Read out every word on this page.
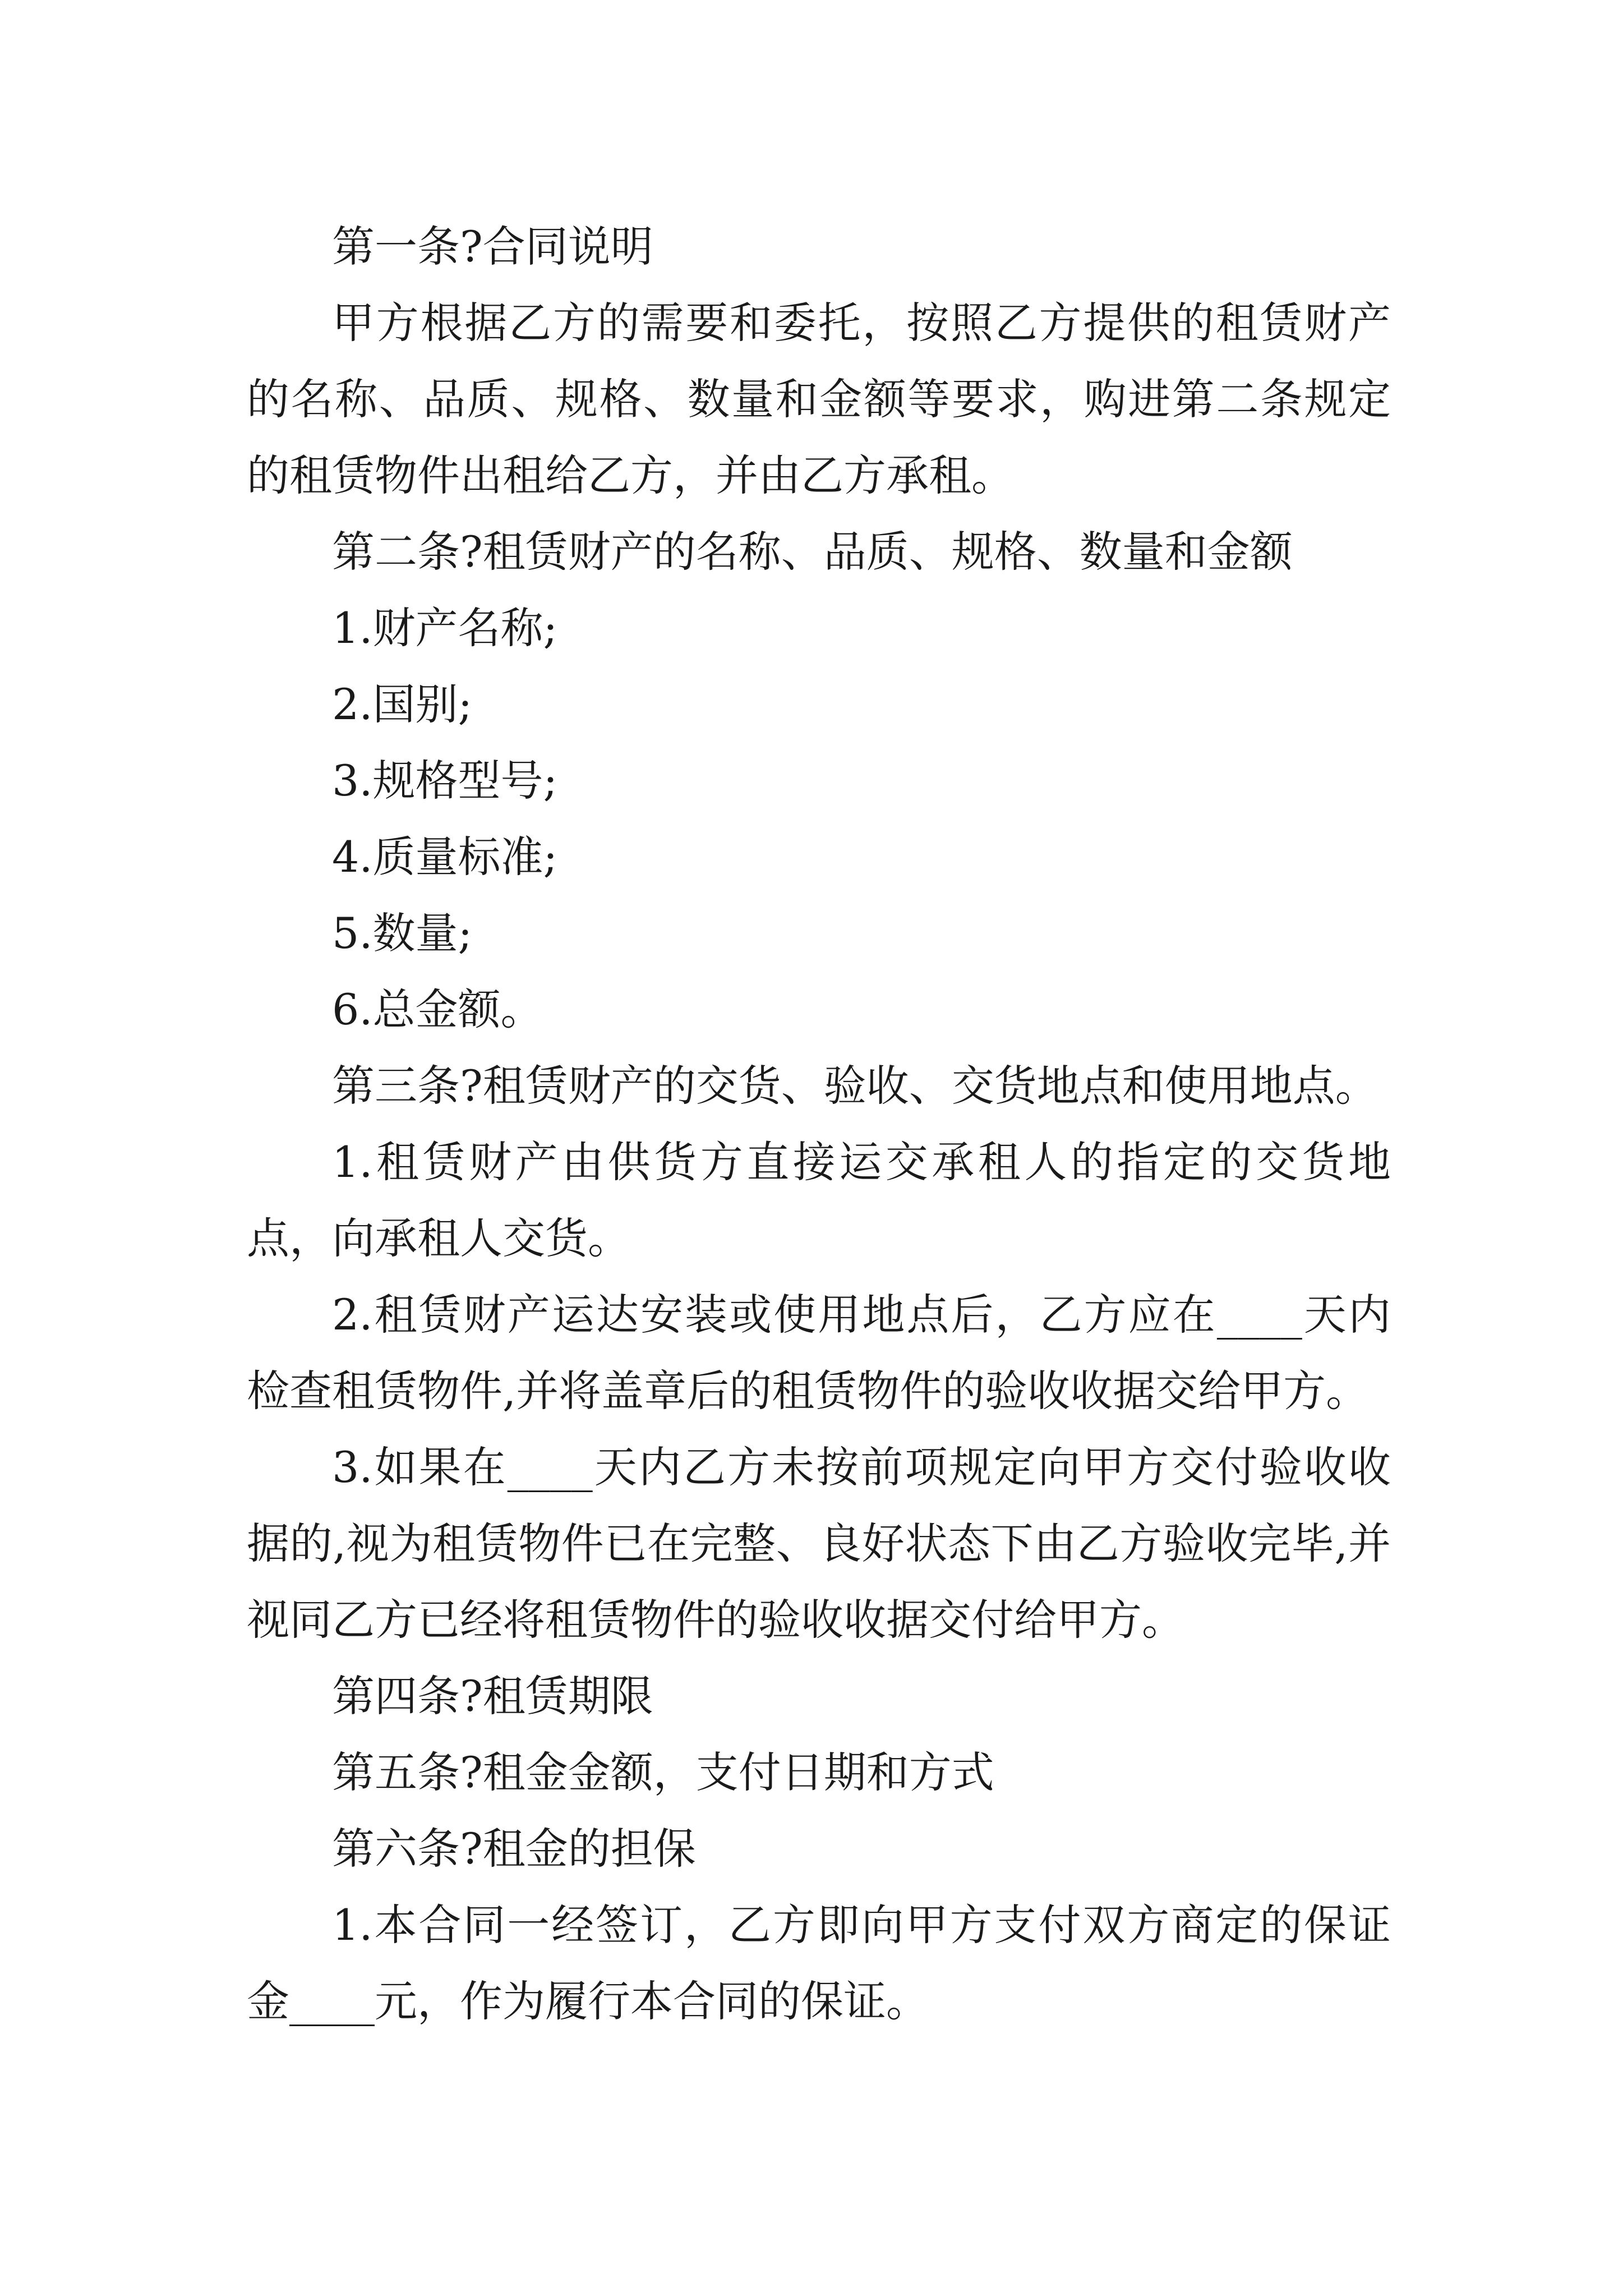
第一条?合同说明

甲方根据乙方的需要和委托，按照乙方提供的租赁财产的名称、品质、规格、数量和金额等要求，购进第二条规定的租赁物件出租给乙方，并由乙方承租。

第二条?租赁财产的名称、品质、规格、数量和金额

1.财产名称;

2.国别;

3.规格型号;

4.质量标准;

5.数量;

6.总金额。

第三条?租赁财产的交货、验收、交货地点和使用地点。

1.租赁财产由供货方直接运交承租人的指定的交货地点，向承租人交货。

2.租赁财产运达安装或使用地点后，乙方应在____天内检查租赁物件,并将盖章后的租赁物件的验收收据交给甲方。

3.如果在____天内乙方未按前项规定向甲方交付验收收据的,视为租赁物件已在完整、良好状态下由乙方验收完毕,并视同乙方已经将租赁物件的验收收据交付给甲方。

第四条?租赁期限

第五条?租金金额，支付日期和方式

第六条?租金的担保

1.本合同一经签订，乙方即向甲方支付双方商定的保证金____元，作为履行本合同的保证。
